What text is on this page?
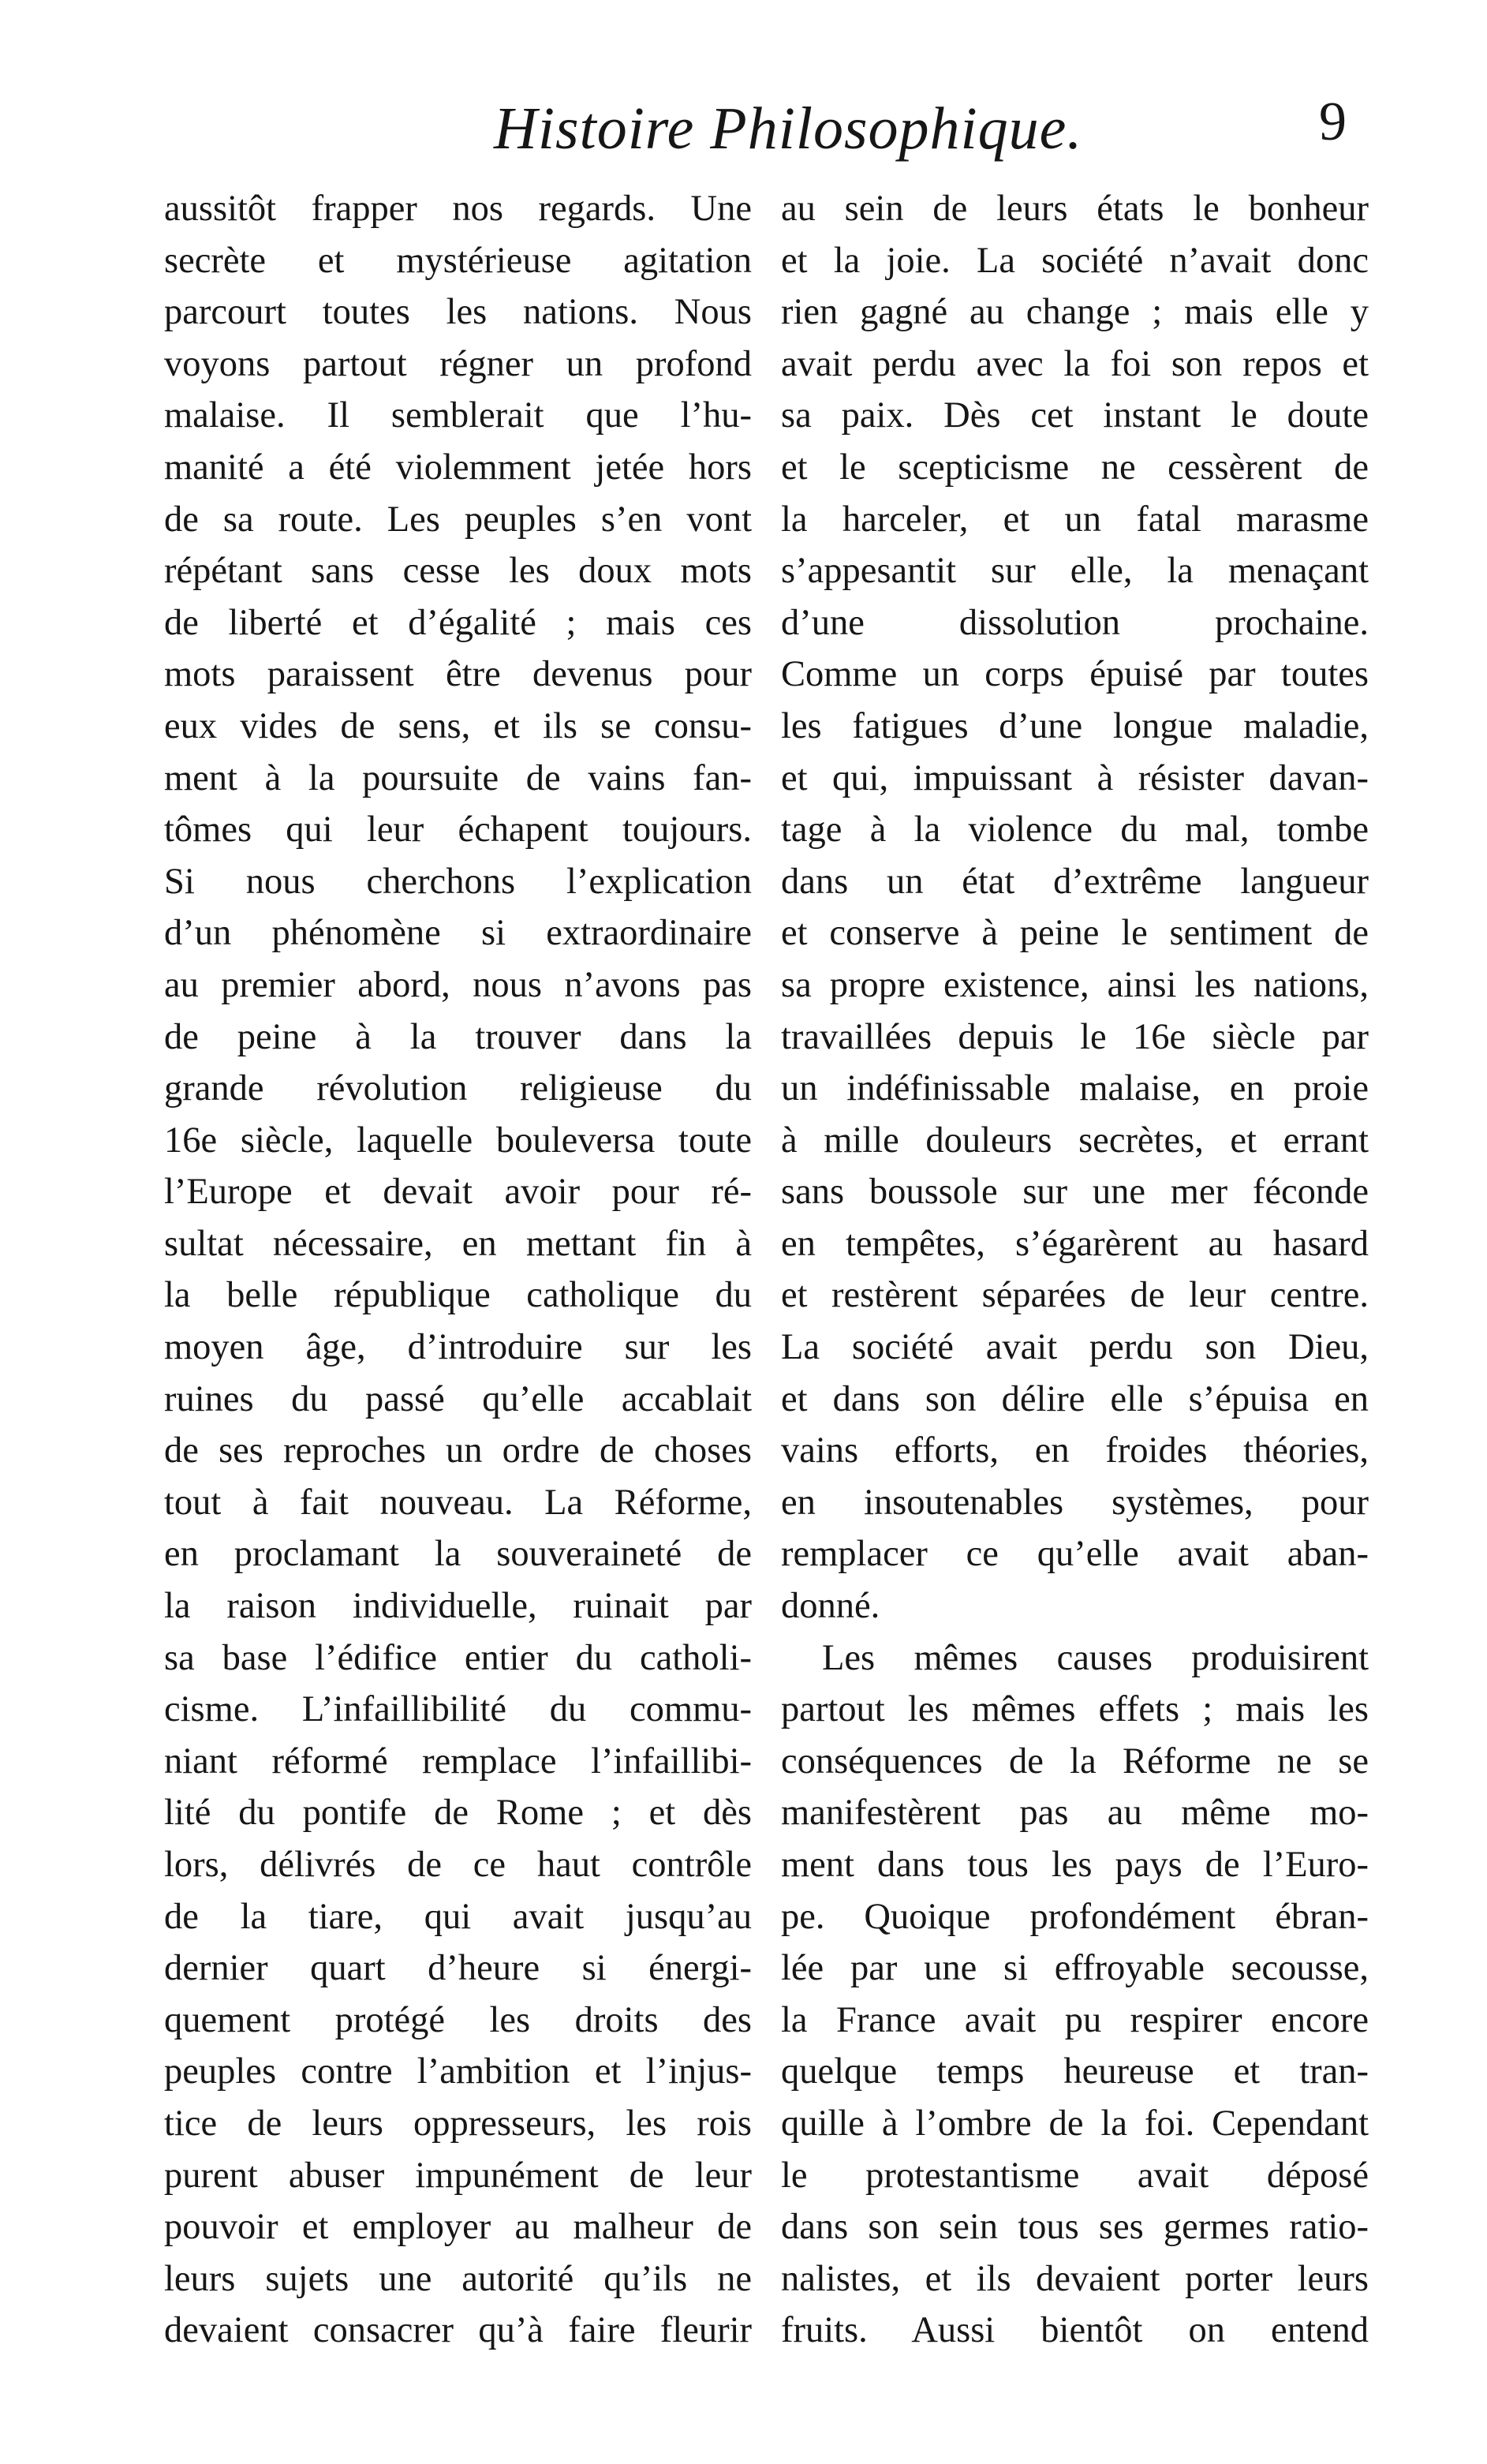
Histoire Philosophique.	9
aussitôt frapper nos regards. Une
secrète et mystérieuse agitation
parcourt toutes les nations. Nous
voyons partout régner un profond
malaise. Il semblerait que l’hu-
manité a été violemment jetée hors
de sa route. Les peuples s’en vont
répétant sans cesse les doux mots
de liberté et d’égalité ; mais ces
mots paraissent être devenus pour
eux vides de sens, et ils se consu-
ment à la poursuite de vains fan-
tômes qui leur échapent toujours.
Si nous cherchons l’explication
d’un phénomène si extraordinaire
au premier abord, nous n’avons pas
de peine à la trouver dans la
grande révolution religieuse du
16e siècle, laquelle bouleversa toute
l’Europe et devait avoir pour ré-
sultat nécessaire, en mettant fin à
la belle république catholique du
moyen âge, d’introduire sur les
ruines du passé qu’elle accablait
de ses reproches un ordre de choses
tout à fait nouveau. La Réforme,
en proclamant la souveraineté de
la raison individuelle, ruinait par
sa base l’édifice entier du catholi-
cisme. L’infaillibilité du commu-
niant réformé remplace l’infaillibi-
lité du pontife de Rome ; et dès
lors, délivrés de ce haut contrôle
de la tiare, qui avait jusqu’au
dernier quart d’heure si énergi-
quement protégé les droits des
peuples contre l’ambition et l’injus-
tice de leurs oppresseurs, les rois
purent abuser impunément de leur
pouvoir et employer au malheur de
leurs sujets une autorité qu’ils ne
devaient consacrer qu’à faire fleurir
au sein de leurs états le bonheur
et la joie. La société n’avait donc
rien gagné au change ; mais elle y
avait perdu avec la foi son repos et
sa paix. Dès cet instant le doute
et le scepticisme ne cessèrent de
la harceler, et un fatal marasme
s’appesantit sur elle, la menaçant
d’une dissolution prochaine.
Comme un corps épuisé par toutes
les fatigues d’une longue maladie,
et qui, impuissant à résister davan-
tage à la violence du mal, tombe
dans un état d’extrême langueur
et conserve à peine le sentiment de
sa propre existence, ainsi les nations,
travaillées depuis le 16e siècle par
un indéfinissable malaise, en proie
à mille douleurs secrètes, et errant
sans boussole sur une mer féconde
en tempêtes, s’égarèrent au hasard
et restèrent séparées de leur centre.
La société avait perdu son Dieu,
et dans son délire elle s’épuisa en
vains efforts, en froides théories,
en insoutenables systèmes, pour
remplacer ce qu’elle avait aban-
donné.
Les mêmes causes produisirent
partout les mêmes effets ; mais les
conséquences de la Réforme ne se
manifestèrent pas au même mo-
ment dans tous les pays de l’Euro-
pe. Quoique profondément ébran-
lée par une si effroyable secousse,
la France avait pu respirer encore
quelque temps heureuse et tran-
quille à l’ombre de la foi. Cependant
le protestantisme avait déposé
dans son sein tous ses germes ratio-
nalistes, et ils devaient porter leurs
fruits. Aussi bientôt on entend
